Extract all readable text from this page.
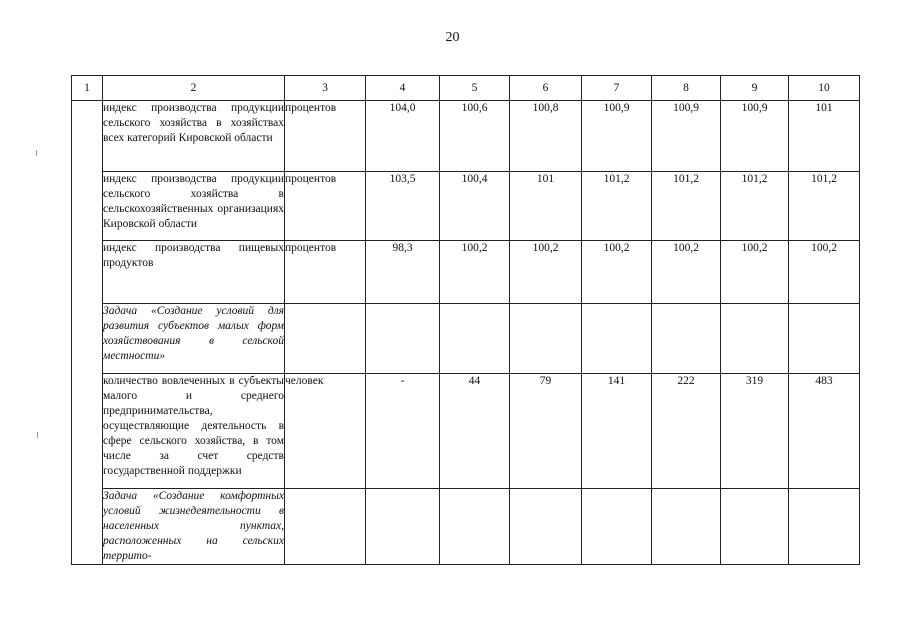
20
1	2	3	4	5	6	7	8	9	10
	индекс производства продукции сельского хозяйства в хозяйствах всех категорий Кировской области	процентов	104,0	100,6	100,8	100,9	100,9	100,9	101
	индекс производства продукции сельского хозяйства в сельскохозяйственных организациях Кировской области	процентов	103,5	100,4	101	101,2	101,2	101,2	101,2
	индекс производства пищевых продуктов	процентов	98,3	100,2	100,2	100,2	100,2	100,2	100,2
	Задача «Создание условий для развития субъектов малых форм хозяйствования в сельской местности»								
	количество вовлеченных в субъекты малого и среднего предпринимательства, осуществляющие деятельность в сфере сельского хозяйства, в том числе за счет средств государственной поддержки	человек	-	44	79	141	222	319	483
	Задача «Создание комфортных условий жизнедеятельности в населенных пунктах, расположенных на сельских террито-								
